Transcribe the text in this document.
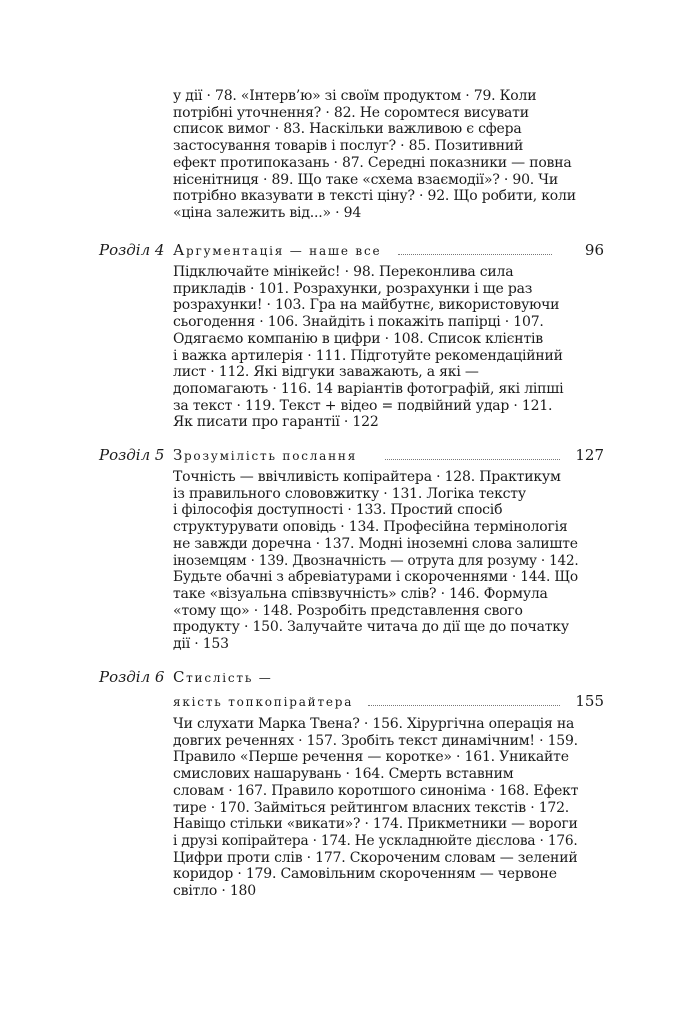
у дії · 78. «Інтерв’ю» зі своїм продуктом · 79. Коли
потрібні уточнення? · 82. Не соромтеся висувати
список вимог · 83. Наскільки важливою є сфера
застосування товарів і послуг? · 85. Позитивний
ефект протипоказань · 87. Середні показники — повна
нісенітниця · 89. Що таке «схема взаємодії»? · 90. Чи
потрібно вказувати в тексті ціну? · 92. Що робити, коли
«ціна залежить від...» · 94
Розділ 4 Аргументація — наше все	96
Підключайте мінікейс! · 98. Переконлива сила
прикладів · 101. Розрахунки, розрахунки і ще раз
розрахунки! · 103. Гра на майбутнє, використовуючи
сьогодення · 106. Знайдіть і покажіть папірці · 107.
Одягаємо компанію в цифри · 108. Список клієнтів
і важка артилерія · 111. Підготуйте рекомендаційний
лист · 112. Які відгуки заважають, а які —
допомагають · 116. 14 варіантів фотографій, які ліпші
за текст · 119. Текст + відео = подвійний удар · 121.
Як писати про гарантії · 122
Розділ 5 Зрозумілість послання	127
Точність — ввічливість копірайтера · 128. Практикум
із правильного слововжитку · 131. Логіка тексту
і філософія доступності · 133. Простий спосіб
структурувати оповідь · 134. Професійна термінологія
не завжди доречна · 137. Модні іноземні слова залиште
іноземцям · 139. Двозначність — отрута для розуму · 142.
Будьте обачні з абревіатурами і скороченнями · 144. Що
таке «візуальна співзвучність» слів? · 146. Формула
«тому що» · 148. Розробіть представлення свого
продукту · 150. Залучайте читача до дії ще до початку
дії · 153
Розділ 6 Стислість —
якість топкопірайтера	155
Чи слухати Марка Твена? · 156. Хірургічна операція на
довгих реченнях · 157. Зробіть текст динамічним! · 159.
Правило «Перше речення — коротке» · 161. Уникайте
смислових нашарувань · 164. Смерть вставним
словам · 167. Правило коротшого синоніма · 168. Ефект
тире · 170. Займіться рейтингом власних текстів · 172.
Навіщо стільки «викати»? · 174. Прикметники — вороги
і друзі копірайтера · 174. Не ускладнюйте дієслова · 176.
Цифри проти слів · 177. Скороченим словам — зелений
коридор · 179. Самовільним скороченням — червоне
світло · 180
